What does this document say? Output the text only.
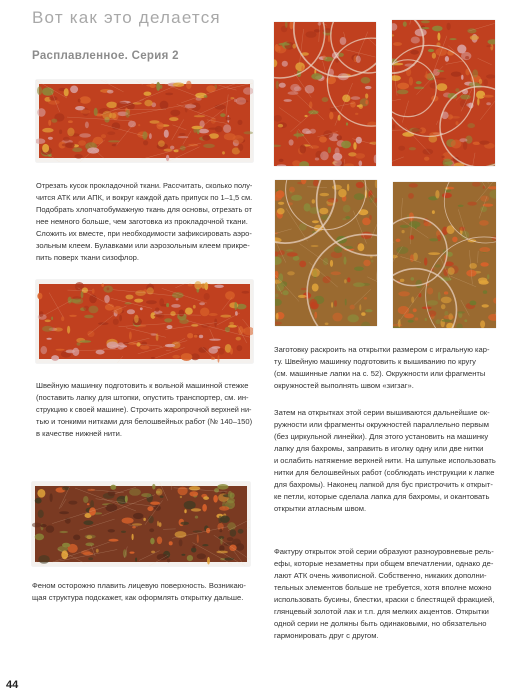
Вот как это делается
Расплавленное. Серия 2

Отрезать кусок прокладочной ткани. Рассчитать, сколько полу-
чится АТК или АПК, и вокруг каждой дать припуск по 1–1,5 см.
Подобрать хлопчатобумажную ткань для основы, отрезать от
нее немного больше, чем заготовка из прокладочной ткани.
Сложить их вместе, при необходимости зафиксировать аэро-
зольным клеем. Булавками или аэрозольным клеем прикре-
пить поверх ткани сизофлор.

Швейную машинку подготовить к вольной машинной стежке
(поставить лапку для штопки, опустить транспортер, см. ин-
струкцию к своей машине). Строчить жаропрочной верхней ни-
тью и тонкими нитками для белошвейных работ (№ 140–150)
в качестве нижней нити.

Феном осторожно плавить лицевую поверхность. Возникаю-
щая структура подскажет, как оформлять открытку дальше.

Заготовку раскроить на открытки размером с игральную кар-
ту. Швейную машинку подготовить к вышиванию по кругу
(см. машинные лапки на с. 52). Окружности или фрагменты
окружностей выполнять швом «зигзаг».

Затем на открытках этой серии вышиваются дальнейшие ок-
ружности или фрагменты окружностей параллельно первым
(без циркульной линейки). Для этого установить на машинку
лапку для бахромы, заправить в иголку одну или две нитки
и ослабить натяжение верхней нити. На шпульке использовать
нитки для белошвейных работ (соблюдать инструкции к лапке
для бахромы). Наконец лапкой для бус пристрочить к открыт-
ке петли, которые сделала лапка для бахромы, и окантовать
открытки атласным швом.

Фактуру открыток этой серии образуют разноуровневые рель-
ефы, которые незаметны при общем впечатлении, однако де-
лают АТК очень живописной. Собственно, никаких дополни-
тельных элементов больше не требуется, хотя вполне можно
использовать бусины, блестки, краски с блестящей фракцией,
глянцевый золотой лак и т.п. для мелких акцентов. Открытки
одной серии не должны быть одинаковыми, но обязательно
гармонировать друг с другом.

44
